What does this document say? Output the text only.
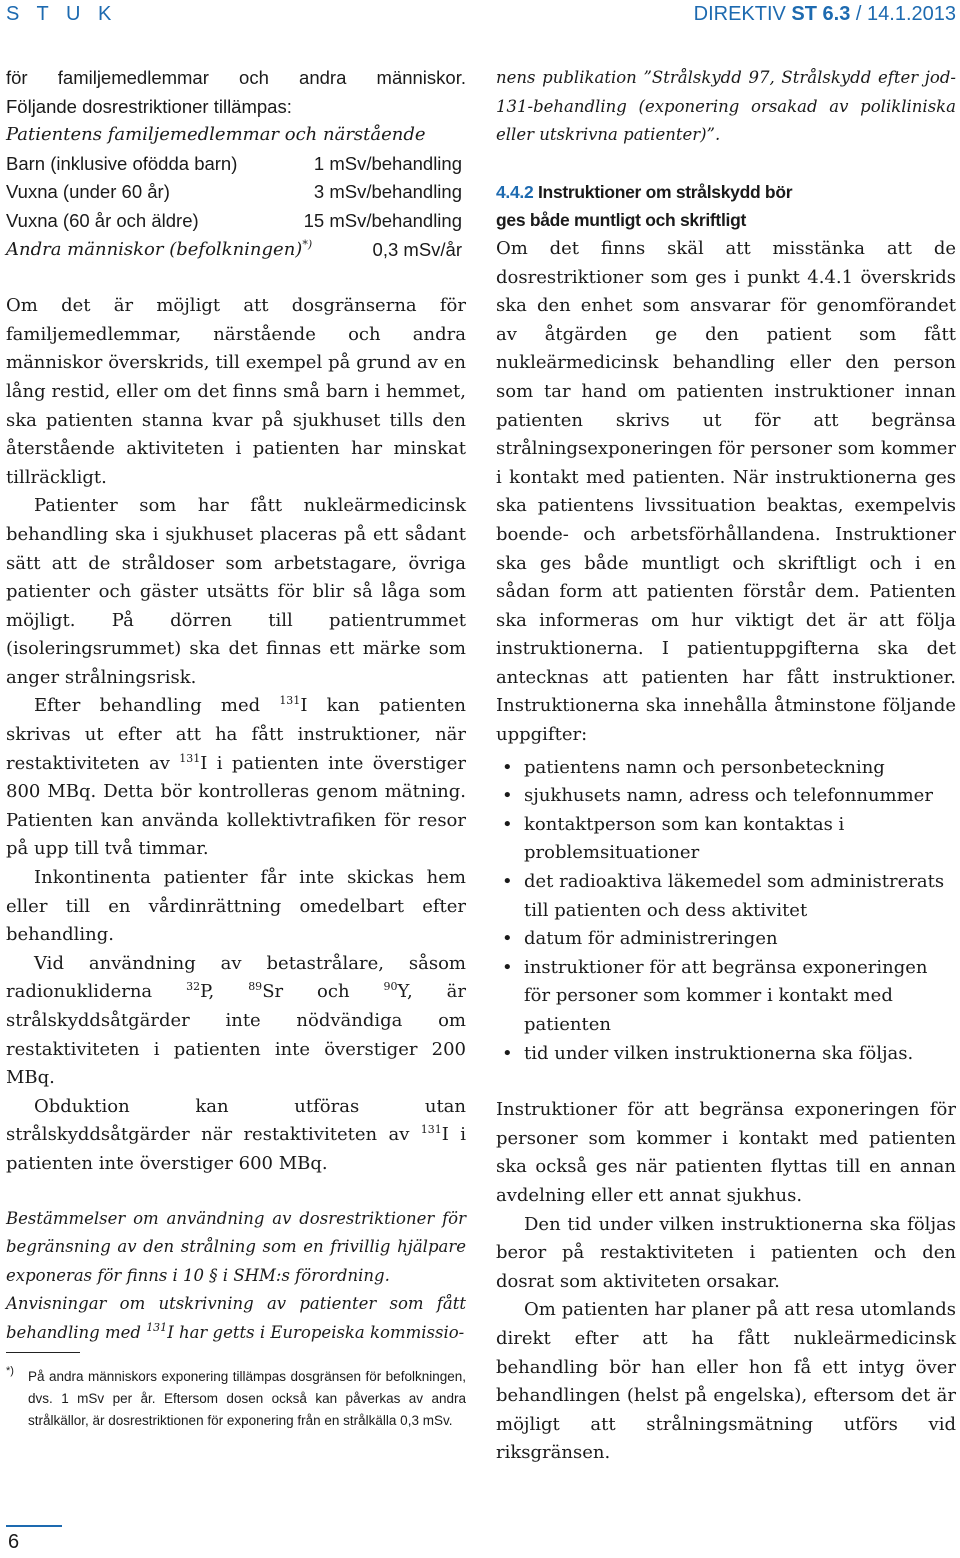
S T U K	DIREKTIV ST 6.3 / 14.1.2013

för familjemedlemmar och andra människor.

Följande dosrestriktioner tillämpas:

Patientens familjemedlemmar och närstående

Barn (inklusive ofödda barn)	1 mSv/behandling
Vuxna (under 60 år)	3 mSv/behandling
Vuxna (60 år och äldre)	15 mSv/behandling
Andra människor (befolkningen)*)	0,3 mSv/år

Om det är möjligt att dosgränserna för familjemedlemmar, närstående och andra människor överskrids, till exempel på grund av en lång restid, eller om det finns små barn i hemmet, ska patienten stanna kvar på sjukhuset tills den återstående aktiviteten i patienten har minskat tillräckligt.

Patienter som har fått nukleärmedicinsk behandling ska i sjukhuset placeras på ett sådant sätt att de stråldoser som arbetstagare, övriga patienter och gäster utsätts för blir så låga som möjligt. På dörren till patientrummet (isoleringsrummet) ska det finnas ett märke som anger strålningsrisk.

Efter behandling med $^{131}$I kan patienten skrivas ut efter att ha fått instruktioner, när restaktiviteten av $^{131}$I i patienten inte överstiger 800 MBq. Detta bör kontrolleras genom mätning. Patienten kan använda kollektivtrafiken för resor på upp till två timmar.

Inkontinenta patienter får inte skickas hem eller till en vårdinrättning omedelbart efter behandling.

Vid användning av betastrålare, såsom radionukliderna $^{32}$P, $^{89}$Sr och $^{90}$Y, är strålskyddsåtgärder inte nödvändiga om restaktiviteten i patienten inte överstiger 200 MBq.

Obduktion kan utföras utan strålskyddsåtgärder när restaktiviteten av $^{131}$I i patienten inte överstiger 600 MBq.

Bestämmelser om användning av dosrestriktioner för begränsning av den strålning som en frivillig hjälpare exponeras för finns i 10 § i SHM:s förordning.

Anvisningar om utskrivning av patienter som fått behandling med $^{131}$I har getts i Europeiska kommissio-

*)	På andra människors exponering tillämpas dosgränsen för befolkningen, dvs. 1 mSv per år. Eftersom dosen också kan påverkas av andra strålkällor, är dosrestriktionen för exponering från en strålkälla 0,3 mSv.

nens publikation ”Strålskydd 97, Strålskydd efter jod-131-behandling (exponering orsakad av polikliniska eller utskrivna patienter)”.

4.4.2 Instruktioner om strålskydd bör
ges både muntligt och skriftligt

Om det finns skäl att misstänka att de dosrestriktioner som ges i punkt 4.4.1 överskrids ska den enhet som ansvarar för genomförandet av åtgärden ge den patient som fått nukleärmedicinsk behandling eller den person som tar hand om patienten instruktioner innan patienten skrivs ut för att begränsa strålningsexponeringen för personer som kommer i kontakt med patienten. När instruktionerna ges ska patientens livssituation beaktas, exempelvis boende- och arbetsförhållandena. Instruktioner ska ges både muntligt och skriftligt och i en sådan form att patienten förstår dem. Patienten ska informeras om hur viktigt det är att följa instruktionerna. I patientuppgifterna ska det antecknas att patienten har fått instruktioner. Instruktionerna ska innehålla åtminstone följande uppgifter:

• patientens namn och personbeteckning
• sjukhusets namn, adress och telefonnummer
• kontaktperson som kan kontaktas i problemsituationer
• det radioaktiva läkemedel som administrerats till patienten och dess aktivitet
• datum för administreringen
• instruktioner för att begränsa exponeringen för personer som kommer i kontakt med patienten
• tid under vilken instruktionerna ska följas.

Instruktioner för att begränsa exponeringen för personer som kommer i kontakt med patienten ska också ges när patienten flyttas till en annan avdelning eller ett annat sjukhus.

Den tid under vilken instruktionerna ska följas beror på restaktiviteten i patienten och den dosrat som aktiviteten orsakar.

Om patienten har planer på att resa utomlands direkt efter att ha fått nukleärmedicinsk behandling bör han eller hon få ett intyg över behandlingen (helst på engelska), eftersom det är möjligt att strålningsmätning utförs vid riksgränsen.

6
